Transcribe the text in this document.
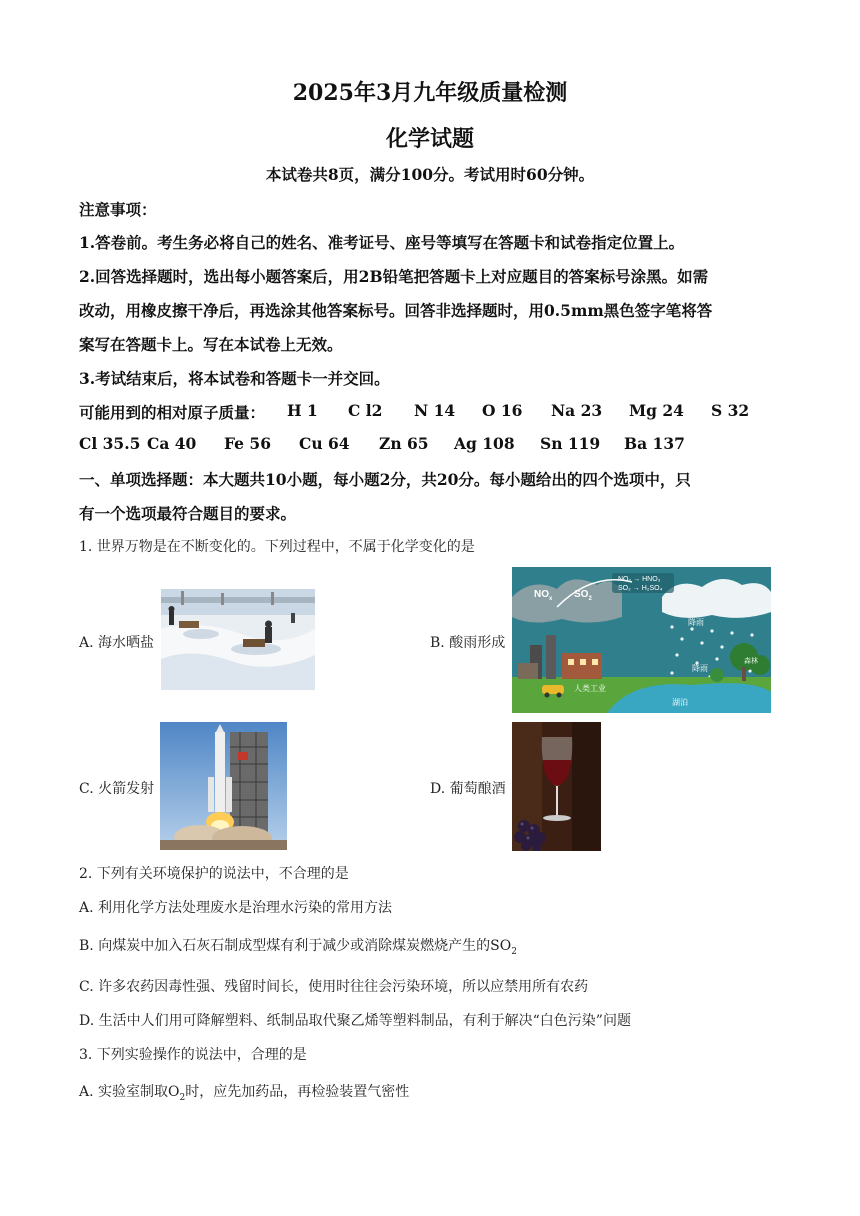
2025年3月九年级质量检测
化学试题
本试卷共8页，满分100分。考试用时60分钟。
注意事项：
1.答卷前。考生务必将自己的姓名、准考证号、座号等填写在答题卡和试卷指定位置上。
2.回答选择题时，选出每小题答案后，用2B铅笔把答题卡上对应题目的答案标号涂黑。如需
改动，用橡皮擦干净后，再选涂其他答案标号。回答非选择题时，用0.5mm黑色签字笔将答
案写在答题卡上。写在本试卷上无效。
3.考试结束后，将本试卷和答题卡一并交回。
可能用到的相对原子质量： H 1 C l2 N 14 O 16 Na 23 Mg 24 S 32
Cl 35.5 Ca 40 Fe 56 Cu 64 Zn 65 Ag 108 Sn 119 Ba 137
一、单项选择题：本大题共10小题，每小题2分，共20分。每小题给出的四个选项中，只
有一个选项最符合题目的要求。
1. 世界万物是在不断变化的。下列过程中，不属于化学变化的是
A. 海水晒盐	B. 酸雨形成
NO₂ → HNO₃
SO₂ → H₂SO₄
$NO_x$ $SO_2$
降雨
降雨
湖泊
人类工业
森林
C. 火箭发射	D. 葡萄酿酒
2. 下列有关环境保护的说法中，不合理的是
A. 利用化学方法处理废水是治理水污染的常用方法
B. 向煤炭中加入石灰石制成型煤有利于减少或消除煤炭燃烧产生的$SO_2$
C. 许多农药因毒性强、残留时间长，使用时往往会污染环境，所以应禁用所有农药
D. 生活中人们用可降解塑料、纸制品取代聚乙烯等塑料制品，有利于解决“白色污染”问题
3. 下列实验操作的说法中，合理的是
A. 实验室制取$O_2$时，应先加药品，再检验装置气密性
